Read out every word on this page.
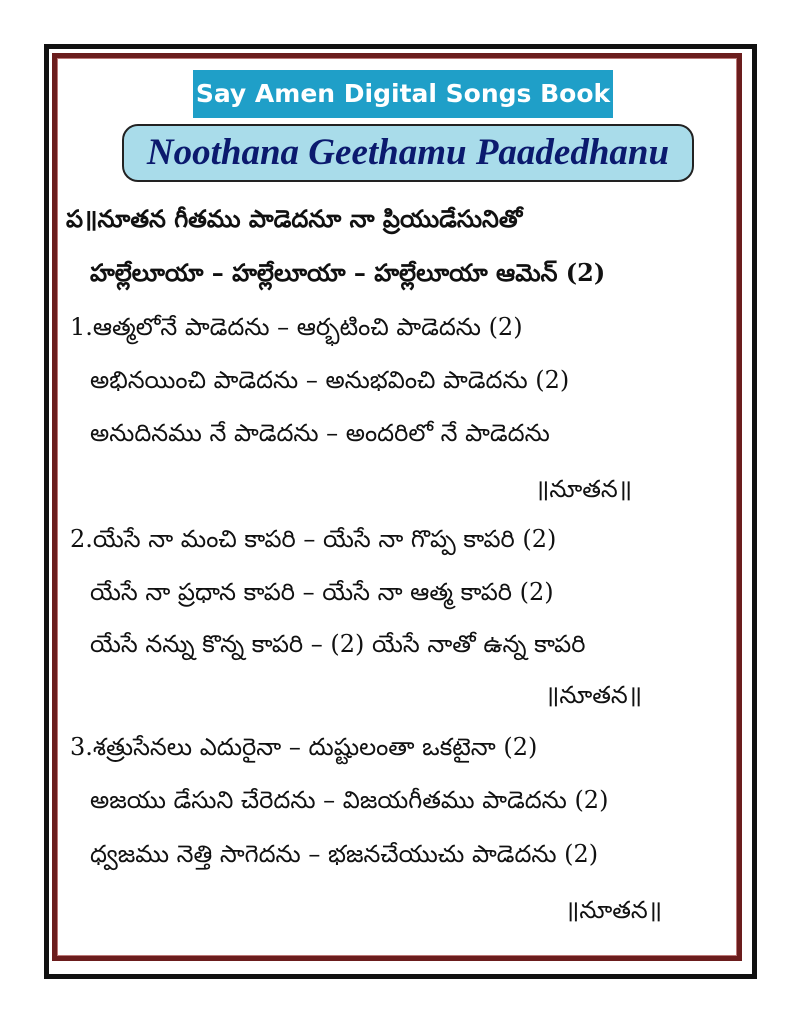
Say Amen Digital Songs Book
Noothana Geethamu Paadedhanu
ప॥నూతన గీతము పాడెదనూ నా ప్రియుడేసునితో
హల్లేలూయా – హల్లేలూయా – హల్లేలూయా ఆమెన్ (2)
1.ఆత్మలోనే పాడెదను – ఆర్భటించి పాడెదను (2)
అభినయించి పాడెదను – అనుభవించి పాడెదను (2)
అనుదినము నే పాడెదను – అందరిలో నే పాడెదను
॥నూతన॥
2.యేసే నా మంచి కాపరి – యేసే నా గొప్ప కాపరి (2)
యేసే నా ప్రధాన కాపరి – యేసే నా ఆత్మ కాపరి (2)
యేసే నన్ను కొన్న కాపరి – (2) యేసే నాతో ఉన్న కాపరి
॥నూతన॥
3.శత్రుసేనలు ఎదురైనా – దుష్టులంతా ఒకటైనా (2)
అజయు డేసుని చేరెదను – విజయగీతము పాడెదను (2)
ధ్వజము నెత్తి సాగెదను – భజనచేయుచు పాడెదను (2)
॥నూతన॥
